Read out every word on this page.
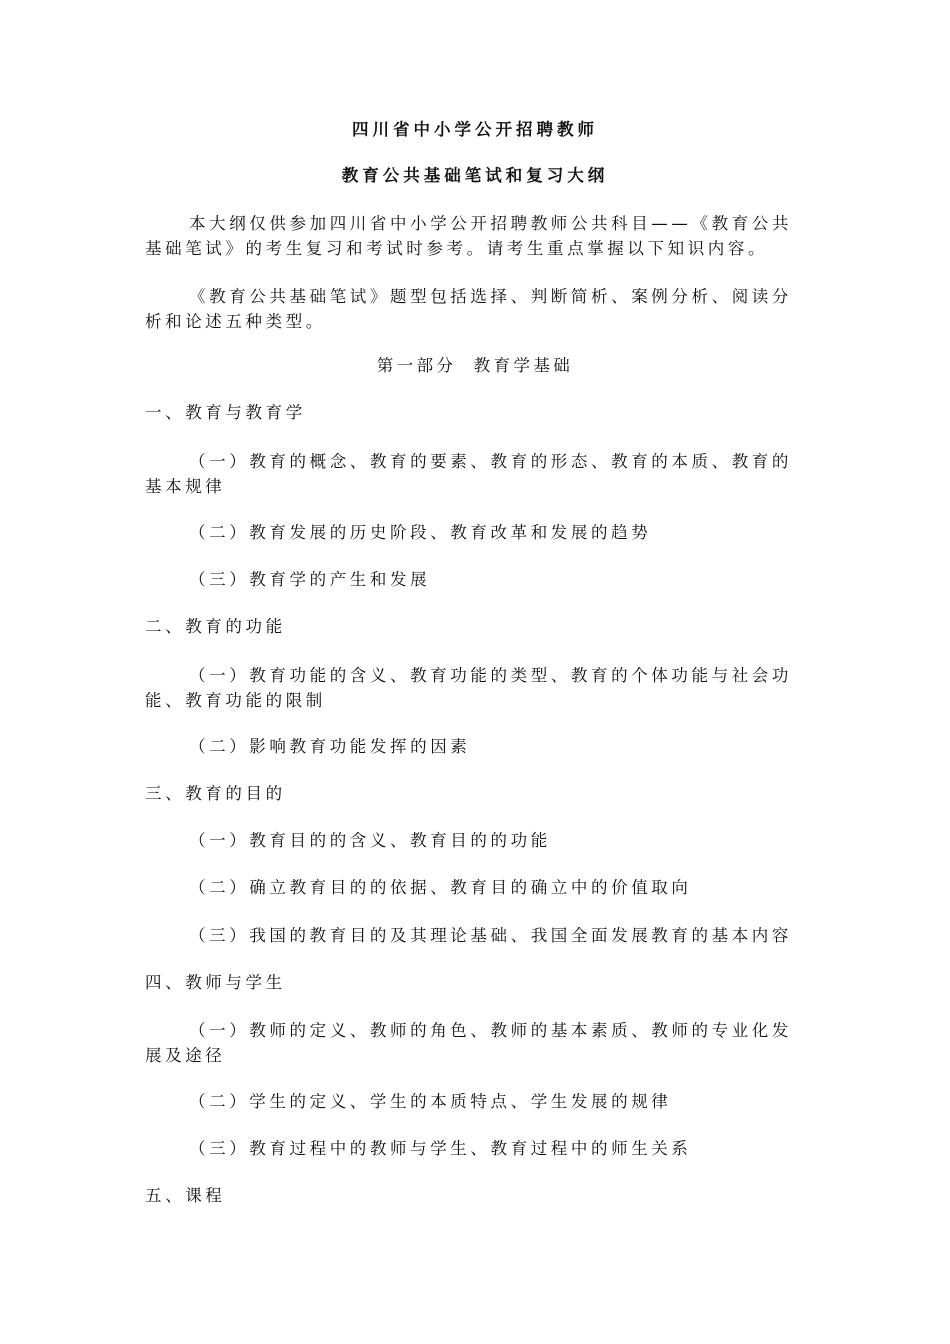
四川省中小学公开招聘教师
教育公共基础笔试和复习大纲
本大纲仅供参加四川省中小学公开招聘教师公共科目——《教育公共基础笔试》的考生复习和考试时参考。请考生重点掌握以下知识内容。
《教育公共基础笔试》题型包括选择、判断简析、案例分析、阅读分析和论述五种类型。
第一部分  教育学基础
一、教育与教育学
（一）教育的概念、教育的要素、教育的形态、教育的本质、教育的基本规律
（二）教育发展的历史阶段、教育改革和发展的趋势
（三）教育学的产生和发展
二、教育的功能
（一）教育功能的含义、教育功能的类型、教育的个体功能与社会功能、教育功能的限制
（二）影响教育功能发挥的因素
三、教育的目的
（一）教育目的的含义、教育目的的功能
（二）确立教育目的的依据、教育目的确立中的价值取向
（三）我国的教育目的及其理论基础、我国全面发展教育的基本内容
四、教师与学生
（一）教师的定义、教师的角色、教师的基本素质、教师的专业化发展及途径
（二）学生的定义、学生的本质特点、学生发展的规律
（三）教育过程中的教师与学生、教育过程中的师生关系
五、课程
